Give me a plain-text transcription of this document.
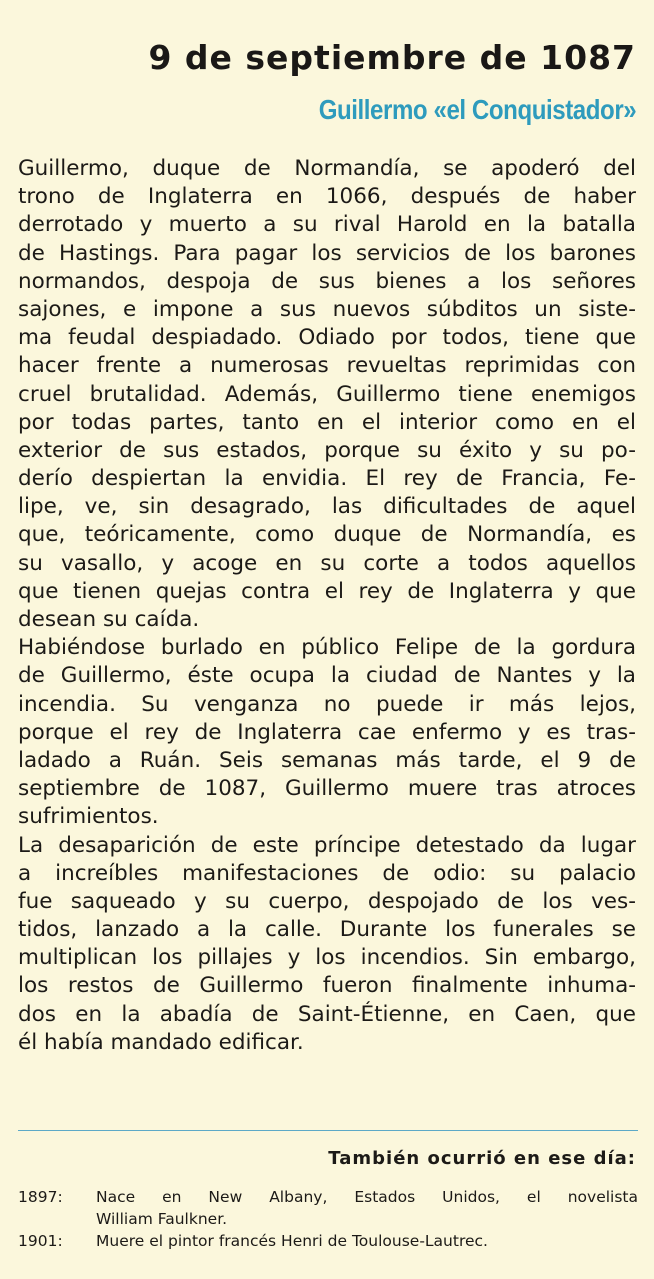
9 de septiembre de 1087
Guillermo «el Conquistador»
Guillermo, duque de Normandía, se apoderó del
trono de Inglaterra en 1066, después de haber
derrotado y muerto a su rival Harold en la batalla
de Hastings. Para pagar los servicios de los barones
normandos, despoja de sus bienes a los señores
sajones, e impone a sus nuevos súbditos un siste-
ma feudal despiadado. Odiado por todos, tiene que
hacer frente a numerosas revueltas reprimidas con
cruel brutalidad. Además, Guillermo tiene enemigos
por todas partes, tanto en el interior como en el
exterior de sus estados, porque su éxito y su po-
derío despiertan la envidia. El rey de Francia, Fe-
lipe, ve, sin desagrado, las dificultades de aquel
que, teóricamente, como duque de Normandía, es
su vasallo, y acoge en su corte a todos aquellos
que tienen quejas contra el rey de Inglaterra y que
desean su caída.
Habiéndose burlado en público Felipe de la gordura
de Guillermo, éste ocupa la ciudad de Nantes y la
incendia. Su venganza no puede ir más lejos,
porque el rey de Inglaterra cae enfermo y es tras-
ladado a Ruán. Seis semanas más tarde, el 9 de
septiembre de 1087, Guillermo muere tras atroces
sufrimientos.
La desaparición de este príncipe detestado da lugar
a increíbles manifestaciones de odio: su palacio
fue saqueado y su cuerpo, despojado de los ves-
tidos, lanzado a la calle. Durante los funerales se
multiplican los pillajes y los incendios. Sin embargo,
los restos de Guillermo fueron finalmente inhuma-
dos en la abadía de Saint-Étienne, en Caen, que
él había mandado edificar.
También ocurrió en ese día:
1897: Nace en New Albany, Estados Unidos, el novelista
William Faulkner.
1901: Muere el pintor francés Henri de Toulouse-Lautrec.
